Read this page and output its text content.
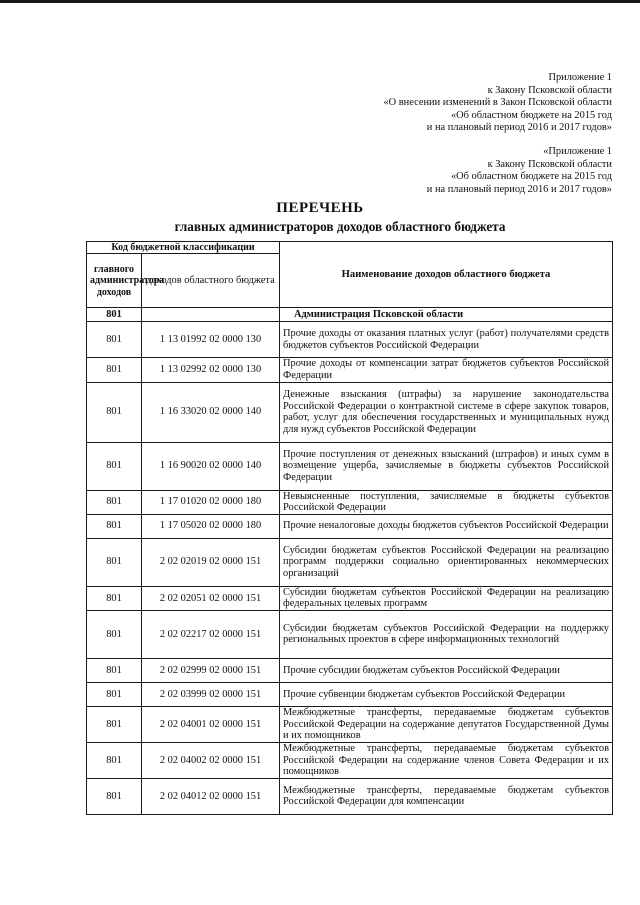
Приложение 1
к Закону Псковской области
«О внесении изменений в Закон Псковской области
«Об областном бюджете на 2015 год
и на плановый период 2016 и 2017 годов»
«Приложение 1
к Закону Псковской области
«Об областном бюджете на 2015 год
и на плановый период 2016 и 2017 годов»
ПЕРЕЧЕНЬ
главных администраторов доходов областного бюджета
Код бюджетной классификации		Наименование доходов областного бюджета
главного администратора доходов	доходов областного бюджета	
801		Администрация Псковской области
801	1 13 01992 02 0000 130	Прочие доходы от оказания платных услуг (работ) получателями средств бюджетов субъектов Российской Федерации
801	1 13 02992 02 0000 130	Прочие доходы от компенсации затрат бюджетов субъектов Российской Федерации
801	1 16 33020 02 0000 140	Денежные взыскания (штрафы) за нарушение законодательства Российской Федерации о контрактной системе в сфере закупок товаров, работ, услуг для обеспечения государственных и муниципальных нужд для нужд субъектов Российской Федерации
801	1 16 90020 02 0000 140	Прочие поступления от денежных взысканий (штрафов) и иных сумм в возмещение ущерба, зачисляемые в бюджеты субъектов Российской Федерации
801	1 17 01020 02 0000 180	Невыясненные поступления, зачисляемые в бюджеты субъектов Российской Федерации
801	1 17 05020 02 0000 180	Прочие неналоговые доходы бюджетов субъектов Российской Федерации
801	2 02 02019 02 0000 151	Субсидии бюджетам субъектов Российской Федерации на реализацию программ поддержки социально ориентированных некоммерческих организаций
801	2 02 02051 02 0000 151	Субсидии бюджетам субъектов Российской Федерации на реализацию федеральных целевых программ
801	2 02 02217 02 0000 151	Субсидии бюджетам субъектов Российской Федерации на поддержку региональных проектов в сфере информационных технологий
801	2 02 02999 02 0000 151	Прочие субсидии бюджетам субъектов Российской Федерации
801	2 02 03999 02 0000 151	Прочие субвенции бюджетам субъектов Российской Федерации
801	2 02 04001 02 0000 151	Межбюджетные трансферты, передаваемые бюджетам субъектов Российской Федерации на содержание депутатов Государственной Думы и их помощников
801	2 02 04002 02 0000 151	Межбюджетные трансферты, передаваемые бюджетам субъектов Российской Федерации на содержание членов Совета Федерации и их помощников
801	2 02 04012 02 0000 151	Межбюджетные трансферты, передаваемые бюджетам субъектов Российской Федерации для компенсации
